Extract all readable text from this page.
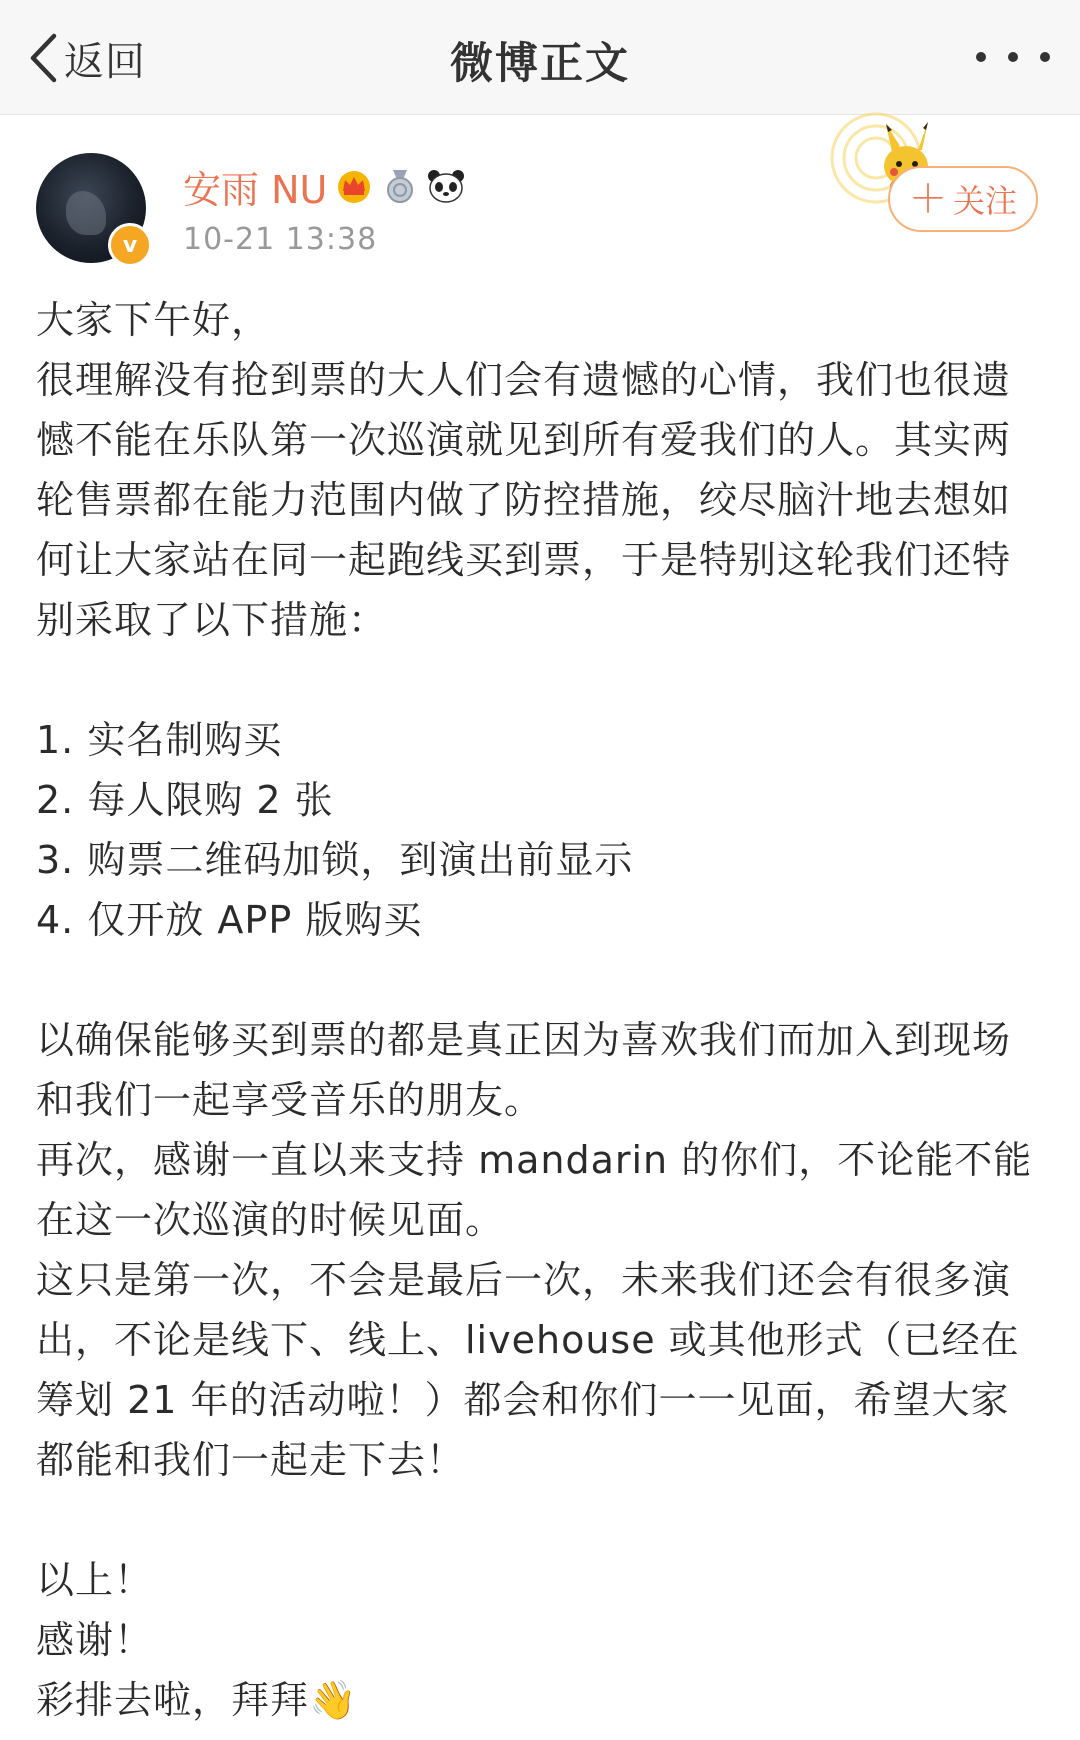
返回	微博正文
v
安雨 NU
10-21 13:38
＋ 关注

大家下午好，

很理解没有抢到票的大人们会有遗憾的心情，我们也很遗憾不能在乐队第一次巡演就见到所有爱我们的人。其实两轮售票都在能力范围内做了防控措施，绞尽脑汁地去想如何让大家站在同一起跑线买到票，于是特别这轮我们还特别采取了以下措施：

1. 实名制购买

2. 每人限购 2 张

3. 购票二维码加锁，到演出前显示

4. 仅开放 APP 版购买

以确保能够买到票的都是真正因为喜欢我们而加入到现场和我们一起享受音乐的朋友。

再次，感谢一直以来支持 mandarin 的你们，不论能不能在这一次巡演的时候见面。

这只是第一次，不会是最后一次，未来我们还会有很多演出，不论是线下、线上、livehouse 或其他形式（已经在筹划 21 年的活动啦！）都会和你们一一见面，希望大家都能和我们一起走下去！

以上！

感谢！

彩排去啦，拜拜👋
